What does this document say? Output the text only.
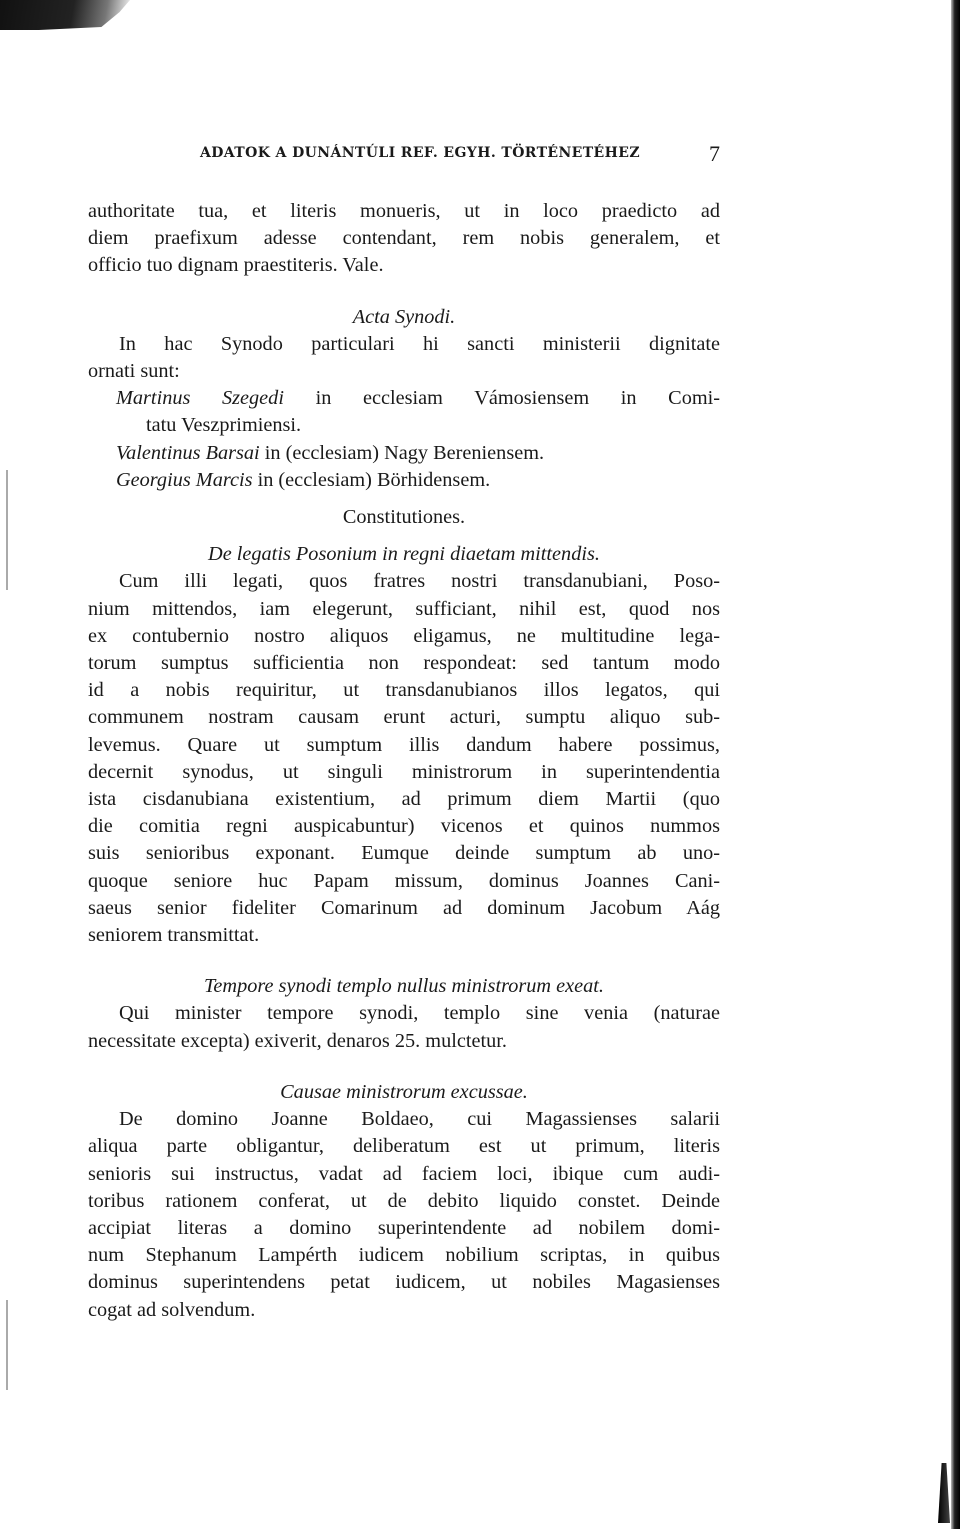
ADATOK A DUNÁNTÚLI REF. EGYH. TÖRTÉNETÉHEZ	7
authoritate tua, et literis monueris, ut in loco praedicto ad
diem praefixum adesse contendant, rem nobis generalem, et
officio tuo dignam praestiteris. Vale.
Acta Synodi.
In hac Synodo particulari hi sancti ministerii dignitate
ornati sunt:
Martinus Szegedi in ecclesiam Vámosiensem in Comi-
tatu Veszprimiensi.
Valentinus Barsai in (ecclesiam) Nagy Bereniensem.
Georgius Marcis in (ecclesiam) Börhidensem.
Constitutiones.
De legatis Posonium in regni diaetam mittendis.
Cum illi legati, quos fratres nostri transdanubiani, Poso-
nium mittendos, iam elegerunt, sufficiant, nihil est, quod nos
ex contubernio nostro aliquos eligamus, ne multitudine lega-
torum sumptus sufficientia non respondeat: sed tantum modo
id a nobis requiritur, ut transdanubianos illos legatos, qui
communem nostram causam erunt acturi, sumptu aliquo sub-
levemus. Quare ut sumptum illis dandum habere possimus,
decernit synodus, ut singuli ministrorum in superintendentia
ista cisdanubiana existentium, ad primum diem Martii (quo
die comitia regni auspicabuntur) vicenos et quinos nummos
suis senioribus exponant. Eumque deinde sumptum ab uno-
quoque seniore huc Papam missum, dominus Joannes Cani-
saeus senior fideliter Comarinum ad dominum Jacobum Aág
seniorem transmittat.
Tempore synodi templo nullus ministrorum exeat.
Qui minister tempore synodi, templo sine venia (naturae
necessitate excepta) exiverit, denaros 25. mulctetur.
Causae ministrorum excussae.
De domino Joanne Boldaeo, cui Magassienses salarii
aliqua parte obligantur, deliberatum est ut primum, literis
senioris sui instructus, vadat ad faciem loci, ibique cum audi-
toribus rationem conferat, ut de debito liquido constet. Deinde
accipiat literas a domino superintendente ad nobilem domi-
num Stephanum Lampérth iudicem nobilium scriptas, in quibus
dominus superintendens petat iudicem, ut nobiles Magasienses
cogat ad solvendum.
